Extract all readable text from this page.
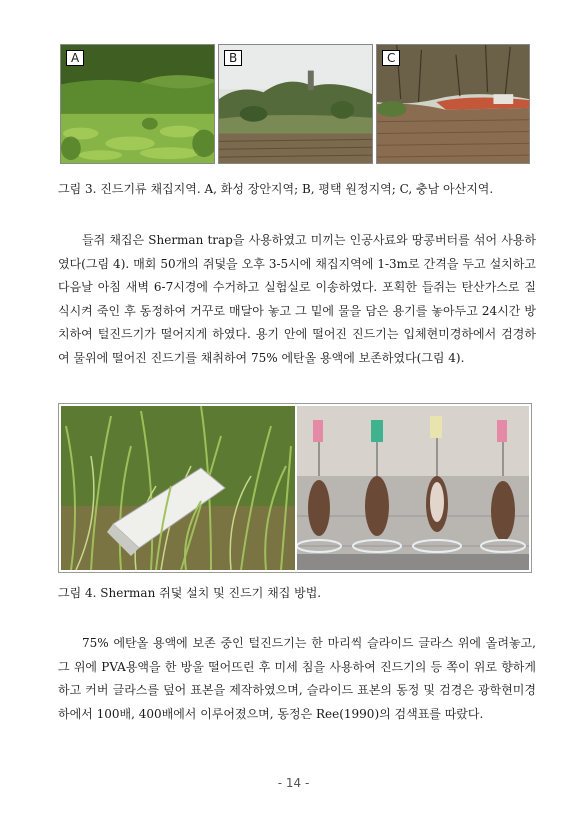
A	B	C

그림 3. 진드기류 채집지역. A, 화성 장안지역; B, 평택 원정지역; C, 충남 아산지역.

들쥐 채집은 Sherman trap을 사용하였고 미끼는 인공사료와 땅콩버터를 섞어 사용하였다(그림 4). 매회 50개의 쥐덫을 오후 3-5시에 채집지역에 1-3m로 간격을 두고 설치하고 다음날 아침 새벽 6-7시경에 수거하고 실험실로 이송하였다. 포획한 들쥐는 탄산가스로 질식시켜 죽인 후 동정하여 거꾸로 매달아 놓고 그 밑에 물을 담은 용기를 놓아두고 24시간 방치하여 털진드기가 떨어지게 하였다. 용기 안에 떨어진 진드기는 입체현미경하에서 검경하여 물위에 떨어진 진드기를 채취하여 75% 에탄올 용액에 보존하였다(그림 4).

그림 4. Sherman 쥐덫 설치 및 진드기 채집 방법.

75% 에탄올 용액에 보존 중인 털진드기는 한 마리씩 슬라이드 글라스 위에 올려놓고, 그 위에 PVA용액을 한 방울 떨어뜨린 후 미세 침을 사용하여 진드기의 등 쪽이 위로 향하게 하고 커버 글라스를 덮어 표본을 제작하였으며, 슬라이드 표본의 동정 및 검경은 광학현미경 하에서 100배, 400배에서 이루어졌으며, 동정은 Ree(1990)의 검색표를 따랐다.

- 14 -
